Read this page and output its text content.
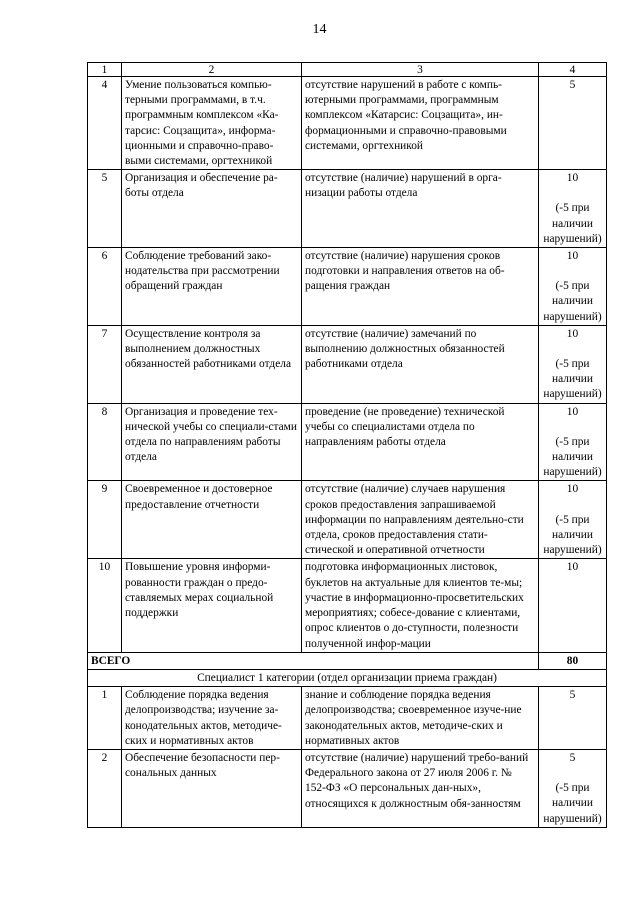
14
1	2	3	4
4	Умение пользоваться компью-терными программами, в т.ч. программным комплексом «Ка-тарсис: Соцзащита», информа-ционными и справочно-право-выми системами, оргтехникой	отсутствие нарушений в работе с компь-ютерными программами, программным комплексом «Катарсис: Соцзащита», ин-формационными и справочно-правовыми системами, оргтехникой	5

5	Организация и обеспечение ра-боты отдела	отсутствие (наличие) нарушений в орга-низации работы отдела	10
(-5 при наличии нарушений)

6	Соблюдение требований зако-нодательства при рассмотрении обращений граждан	отсутствие (наличие) нарушения сроков подготовки и направления ответов на об-ращения граждан	10
(-5 при наличии нарушений)

7	Осуществление контроля за выполнением должностных обязанностей работниками отдела	отсутствие (наличие) замечаний по выполнению должностных обязанностей работниками отдела	10
(-5 при наличии нарушений)

8	Организация и проведение тех-нической учебы со специали-стами отдела по направлениям работы отдела	проведение (не проведение) технической учебы со специалистами отдела по направлениям работы отдела	10
(-5 при наличии нарушений)

9	Своевременное и достоверное предоставление отчетности	отсутствие (наличие) случаев нарушения сроков предоставления запрашиваемой информации по направлениям деятельно-сти отдела, сроков предоставления стати-стической и оперативной отчетности	10
(-5 при наличии нарушений)

10	Повышение уровня информи-рованности граждан о предо-ставляемых мерах социальной поддержки	подготовка информационных листовок, буклетов на актуальные для клиентов те-мы; участие в информационно-просветительских мероприятиях; собесе-дование с клиентами, опрос клиентов о до-ступности, полезности полученной инфор-мации	10

ВСЕГО			80
Специалист 1 категории (отдел организации приема граждан)			
1	Соблюдение порядка ведения делопроизводства; изучение за-конодательных актов, методиче-ских и нормативных актов	знание и соблюдение порядка ведения делопроизводства; своевременное изуче-ние законодательных актов, методиче-ских и нормативных актов	5

2	Обеспечение безопасности пер-сональных данных	отсутствие (наличие) нарушений требо-ваний Федерального закона от 27 июля 2006 г. № 152-ФЗ «О персональных дан-ных», относящихся к должностным обя-занностям	5
(-5 при наличии нарушений)
